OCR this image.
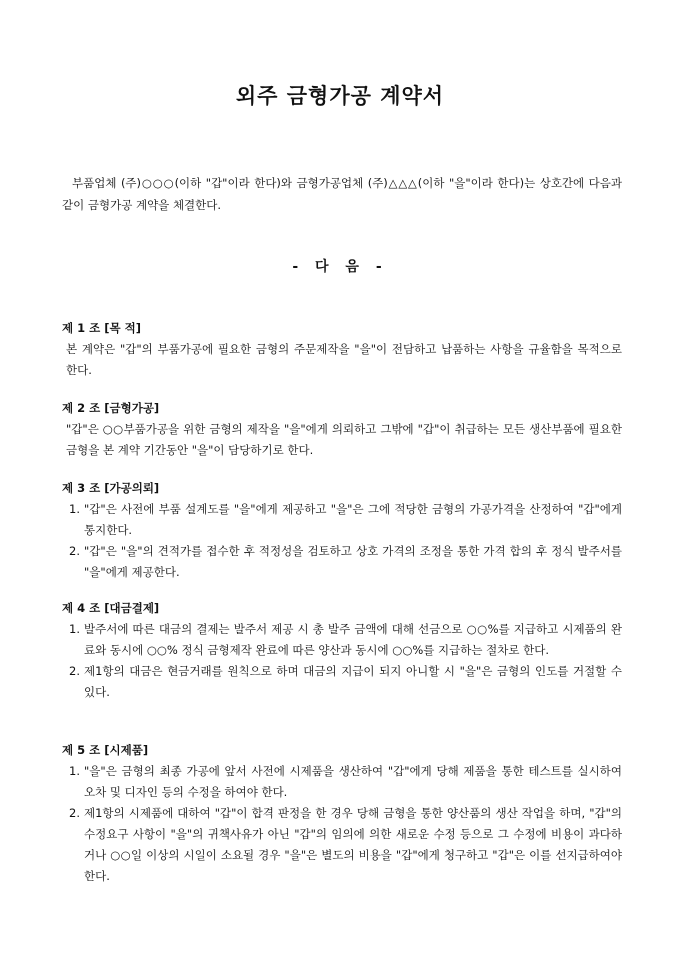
외주 금형가공 계약서
부품업체 (주)○○○(이하 "갑"이라 한다)와 금형가공업체 (주)△△△(이하 "을"이라 한다)는 상호간에 다음과 같이 금형가공 계약을 체결한다.
- 다 음 -
제 1 조 [목 적]
본 계약은 "갑"의 부품가공에 필요한 금형의 주문제작을 "을"이 전담하고 납품하는 사항을 규율함을 목적으로 한다.
제 2 조 [금형가공]
"갑"은 ○○부품가공을 위한 금형의 제작을 "을"에게 의뢰하고 그밖에 "갑"이 취급하는 모든 생산부품에 필요한 금형을 본 계약 기간동안 "을"이 담당하기로 한다.
제 3 조 [가공의뢰]
1. "갑"은 사전에 부품 설계도를 "을"에게 제공하고 "을"은 그에 적당한 금형의 가공가격을 산정하여 "갑"에게 통지한다.
2. "갑"은 "을"의 견적가를 접수한 후 적정성을 검토하고 상호 가격의 조정을 통한 가격 합의 후 정식 발주서를 "을"에게 제공한다.
제 4 조 [대금결제]
1. 발주서에 따른 대금의 결제는 발주서 제공 시 총 발주 금액에 대해 선금으로 ○○%를 지급하고 시제품의 완료와 동시에 ○○% 정식 금형제작 완료에 따른 양산과 동시에 ○○%를 지급하는 절차로 한다.
2. 제1항의 대금은 현금거래를 원칙으로 하며 대금의 지급이 되지 아니할 시 "을"은 금형의 인도를 거절할 수 있다.
제 5 조 [시제품]
1. "을"은 금형의 최종 가공에 앞서 사전에 시제품을 생산하여 "갑"에게 당해 제품을 통한 테스트를 실시하여 오차 및 디자인 등의 수정을 하여야 한다.
2. 제1항의 시제품에 대하여 "갑"이 합격 판정을 한 경우 당해 금형을 통한 양산품의 생산 작업을 하며, "갑"의 수정요구 사항이 "을"의 귀책사유가 아닌 "갑"의 임의에 의한 새로운 수정 등으로 그 수정에 비용이 과다하거나 ○○일 이상의 시일이 소요될 경우 "을"은 별도의 비용을 "갑"에게 청구하고 "갑"은 이를 선지급하여야 한다.
